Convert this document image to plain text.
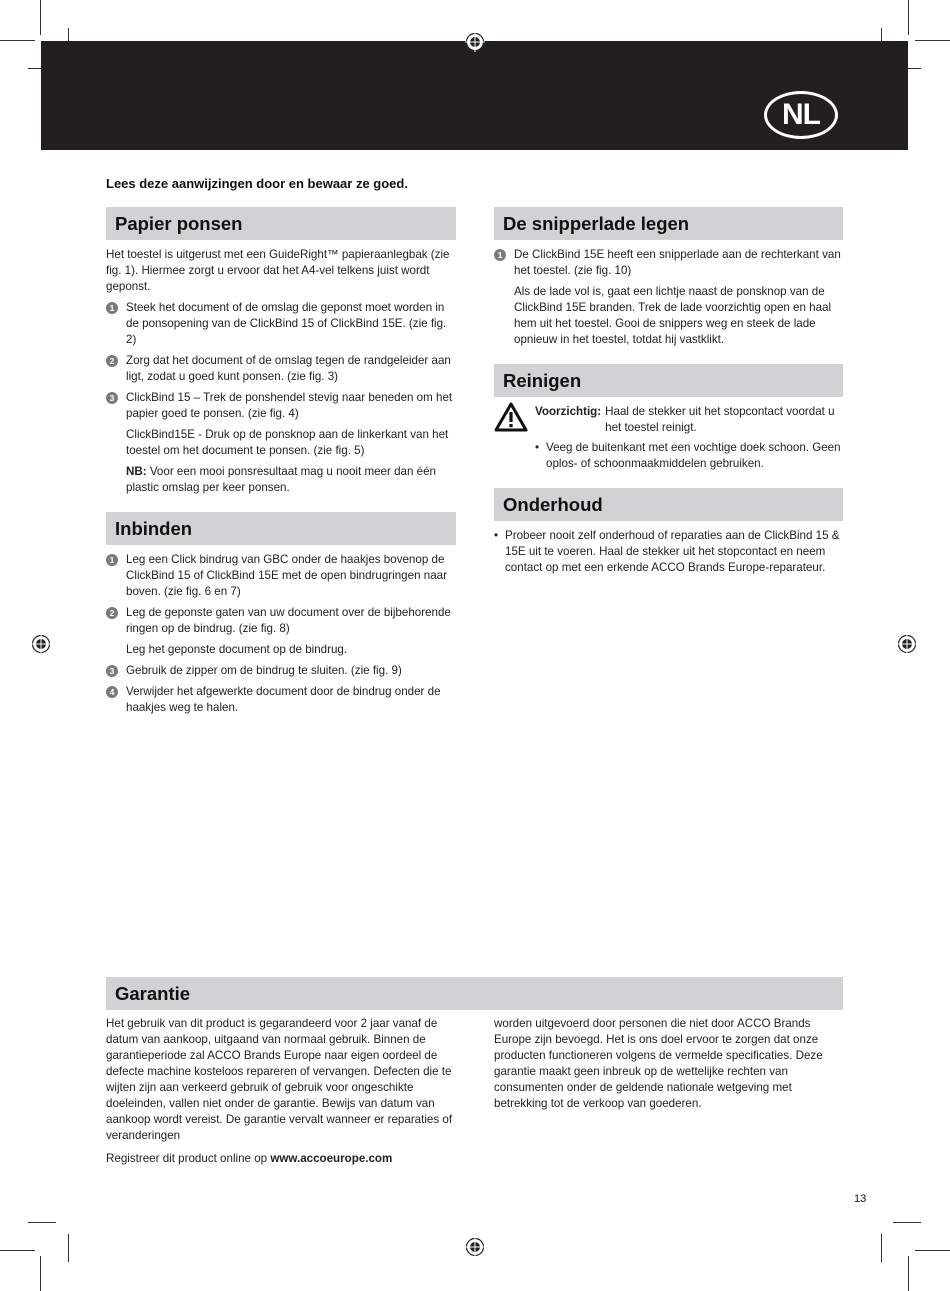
NL
Lees deze aanwijzingen door en bewaar ze goed.
Papier ponsen

Het toestel is uitgerust met een GuideRight™ papieraanlegbak (zie fig. 1). Hiermee zorgt u ervoor dat het A4-vel telkens juist wordt geponst.

1	Steek het document of de omslag die geponst moet worden in de ponsopening van de ClickBind 15 of ClickBind 15E. (zie fig. 2)
2	Zorg dat het document of de omslag tegen de randgeleider aan ligt, zodat u goed kunt ponsen. (zie fig. 3)
3	ClickBind 15 – Trek de ponshendel stevig naar beneden om het papier goed te ponsen. (zie fig. 4)

ClickBind15E - Druk op de ponsknop aan de linkerkant van het toestel om het document te ponsen. (zie fig. 5)

NB: Voor een mooi ponsresultaat mag u nooit meer dan één plastic omslag per keer ponsen.

Inbinden
1	Leg een Click bindrug van GBC onder de haakjes bovenop de ClickBind 15 of ClickBind 15E met de open bindrugringen naar boven. (zie fig. 6 en 7)
2	Leg de geponste gaten van uw document over de bijbehorende ringen op de bindrug. (zie fig. 8)

Leg het geponste document op de bindrug.

3	Gebruik de zipper om de bindrug te sluiten. (zie fig. 9)
4	Verwijder het afgewerkte document door de bindrug onder de haakjes weg te halen.
De snipperlade legen
1	De ClickBind 15E heeft een snipperlade aan de rechterkant van het toestel. (zie fig. 10)

Als de lade vol is, gaat een lichtje naast de ponsknop van de ClickBind 15E branden. Trek de lade voorzichtig open en haal hem uit het toestel. Gooi de snippers weg en steek de lade opnieuw in het toestel, totdat hij vastklikt.

Reinigen
Voorzichtig: Haal de stekker uit het stopcontact voordat u het toestel reinigt.

• Veeg de buitenkant met een vochtige doek schoon. Geen oplos- of schoonmaakmiddelen gebruiken.

Onderhoud

• Probeer nooit zelf onderhoud of reparaties aan de ClickBind 15 & 15E uit te voeren. Haal de stekker uit het stopcontact en neem contact op met een erkende ACCO Brands Europe-reparateur.

Garantie

Het gebruik van dit product is gegarandeerd voor 2 jaar vanaf de datum van aankoop, uitgaand van normaal gebruik. Binnen de garantieperiode zal ACCO Brands Europe naar eigen oordeel de defecte machine kosteloos repareren of vervangen. Defecten die te wijten zijn aan verkeerd gebruik of gebruik voor ongeschikte doeleinden, vallen niet onder de garantie. Bewijs van datum van aankoop wordt vereist. De garantie vervalt wanneer er reparaties of veranderingen

Registreer dit product online op www.accoeurope.com

worden uitgevoerd door personen die niet door ACCO Brands Europe zijn bevoegd. Het is ons doel ervoor te zorgen dat onze producten functioneren volgens de vermelde specificaties. Deze garantie maakt geen inbreuk op de wettelijke rechten van consumenten onder de geldende nationale wetgeving met betrekking tot de verkoop van goederen.

13
